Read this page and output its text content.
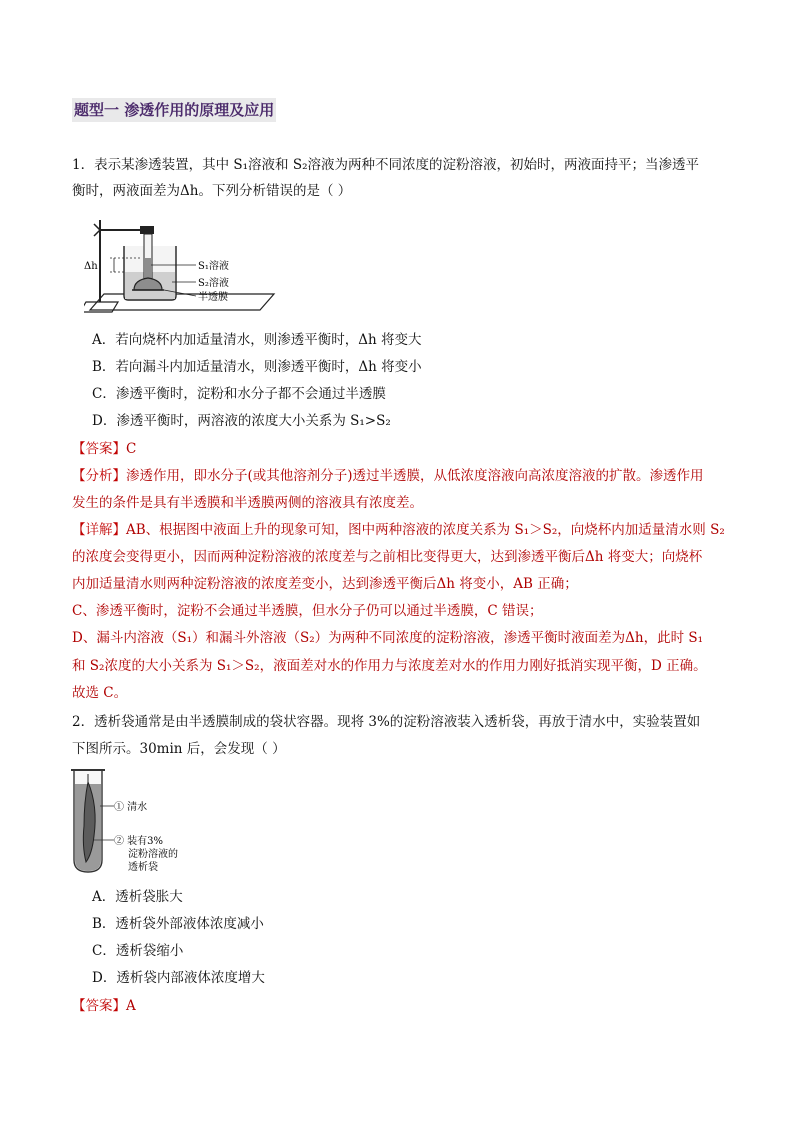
题型一 渗透作用的原理及应用
1．表示某渗透装置，其中 S₁溶液和 S₂溶液为两种不同浓度的淀粉溶液，初始时，两液面持平；当渗透平
衡时，两液面差为Δh。下列分析错误的是（ ）
Δh	S₁溶液
S₂溶液
半透膜
A．若向烧杯内加适量清水，则渗透平衡时，Δh 将变大
B．若向漏斗内加适量清水，则渗透平衡时，Δh 将变小
C．渗透平衡时，淀粉和水分子都不会通过半透膜
D．渗透平衡时，两溶液的浓度大小关系为 S₁>S₂
【答案】C
【分析】渗透作用，即水分子(或其他溶剂分子)透过半透膜，从低浓度溶液向高浓度溶液的扩散。渗透作用
发生的条件是具有半透膜和半透膜两侧的溶液具有浓度差。
【详解】AB、根据图中液面上升的现象可知，图中两种溶液的浓度关系为 S₁＞S₂，向烧杯内加适量清水则 S₂
的浓度会变得更小，因而两种淀粉溶液的浓度差与之前相比变得更大，达到渗透平衡后Δh 将变大；向烧杯
内加适量清水则两种淀粉溶液的浓度差变小，达到渗透平衡后Δh 将变小，AB 正确；
C、渗透平衡时，淀粉不会通过半透膜，但水分子仍可以通过半透膜，C 错误；
D、漏斗内溶液（S₁）和漏斗外溶液（S₂）为两种不同浓度的淀粉溶液，渗透平衡时液面差为Δh，此时 S₁
和 S₂浓度的大小关系为 S₁＞S₂，液面差对水的作用力与浓度差对水的作用力刚好抵消实现平衡，D 正确。
故选 C。
2．透析袋通常是由半透膜制成的袋状容器。现将 3%的淀粉溶液装入透析袋，再放于清水中，实验装置如
下图所示。30min 后，会发现（ ）
① 清水
② 装有3%
淀粉溶液的
透析袋
A．透析袋胀大
B．透析袋外部液体浓度减小
C．透析袋缩小
D．透析袋内部液体浓度增大
【答案】A
